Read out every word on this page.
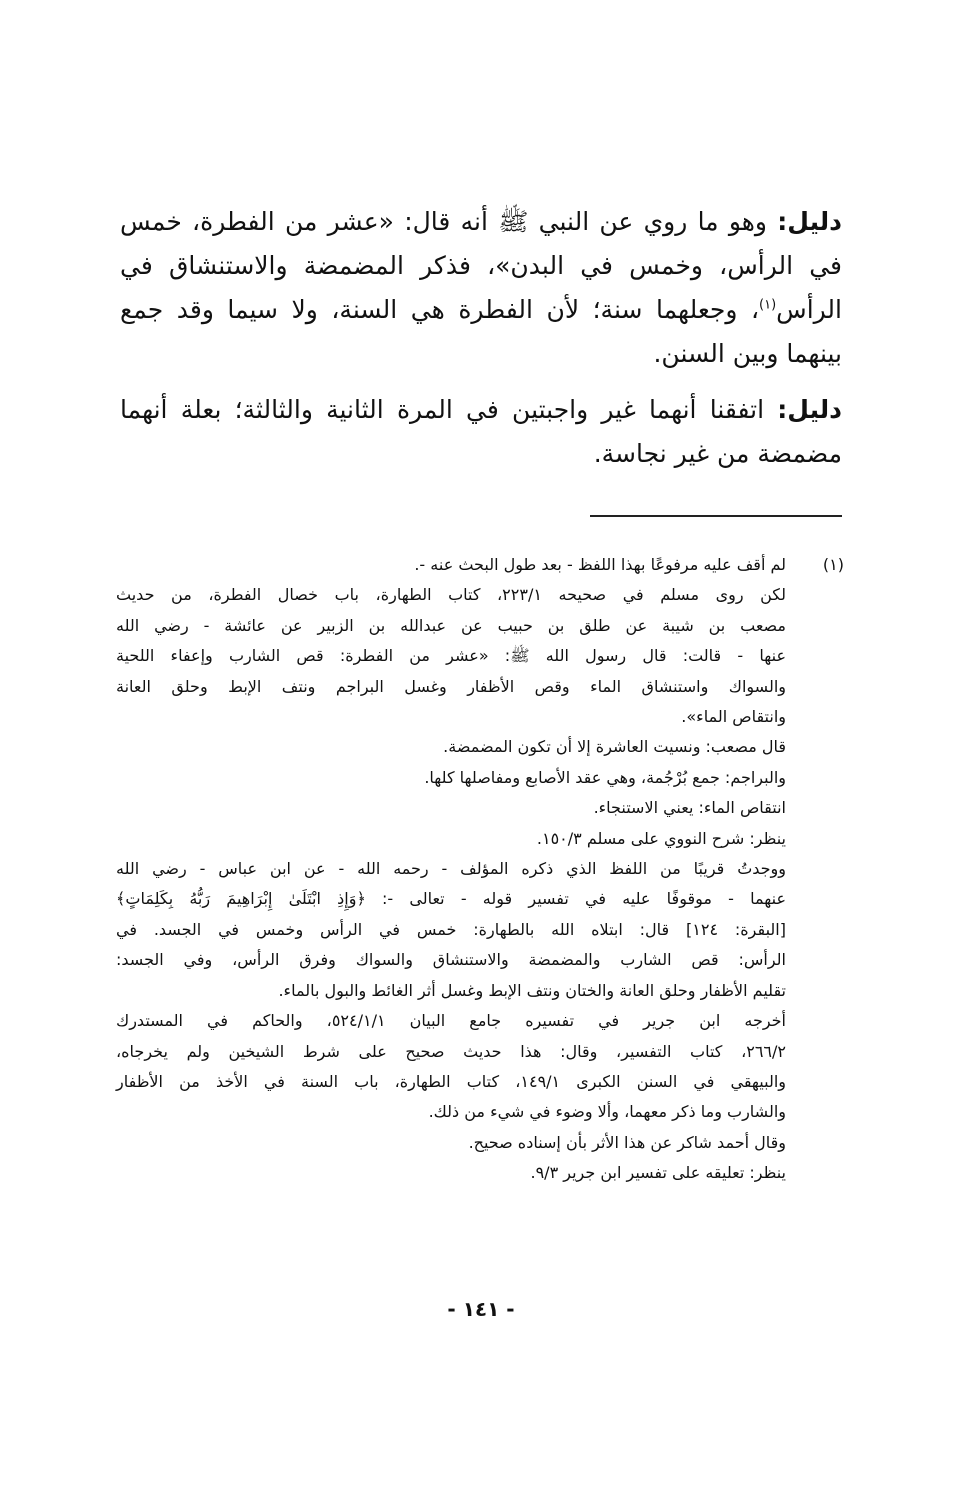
دليل: وهو ما روي عن النبي ﷺ أنه قال: «عشر من الفطرة، خمس في الرأس، وخمس في البدن»، فذكر المضمضة والاستنشاق في الرأس$^{(١)}$، وجعلهما سنة؛ لأن الفطرة هي السنة، ولا سيما وقد جمع بينهما وبين السنن.

دليل: اتفقنا أنهما غير واجبتين في المرة الثانية والثالثة؛ بعلة أنهما مضمضة من غير نجاسة.

(١)
لم أقف عليه مرفوعًا بهذا اللفظ - بعد طول البحث عنه -.
لكن روى مسلم في صحيحه ٢٢٣/١، كتاب الطهارة، باب خصال الفطرة، من حديث
مصعب بن شيبة عن طلق بن حبيب عن عبدالله بن الزبير عن عائشة - رضي الله
عنها - قالت: قال رسول الله ﷺ: «عشر من الفطرة: قص الشارب وإعفاء اللحية
والسواك واستنشاق الماء وقص الأظفار وغسل البراجم ونتف الإبط وحلق العانة
وانتقاص الماء».
قال مصعب: ونسيت العاشرة إلا أن تكون المضمضة.
والبراجم: جمع بُرْجُمة، وهي عقد الأصابع ومفاصلها كلها.
انتقاص الماء: يعني الاستنجاء.
ينظر: شرح النووي على مسلم ١٥٠/٣.
ووجدتُ قريبًا من اللفظ الذي ذكره المؤلف - رحمه الله - عن ابن عباس - رضي الله
عنهما - موقوفًا عليه في تفسير قوله - تعالى -: ﴿وَإِذِ ابْتَلَىٰ إِبْرَاهِيمَ رَبُّهُ بِكَلِمَاتٍ﴾
[البقرة: ١٢٤] قال: ابتلاه الله بالطهارة: خمس في الرأس وخمس في الجسد. في
الرأس: قص الشارب والمضمضة والاستنشاق والسواك وفرق الرأس، وفي الجسد:
تقليم الأظفار وحلق العانة والختان ونتف الإبط وغسل أثر الغائط والبول بالماء.
أخرجه ابن جرير في تفسيره جامع البيان ٥٢٤/١/١، والحاكم في المستدرك
٢٦٦/٢، كتاب التفسير، وقال: هذا حديث صحيح على شرط الشيخين ولم يخرجاه،
والبيهقي في السنن الكبرى ١٤٩/١، كتاب الطهارة، باب السنة في الأخذ من الأظفار
والشارب وما ذكر معهما، وألا وضوء في شيء من ذلك.
وقال أحمد شاكر عن هذا الأثر بأن إسناده صحيح.
ينظر: تعليقه على تفسير ابن جرير ٩/٣.
- ١٤١ -
